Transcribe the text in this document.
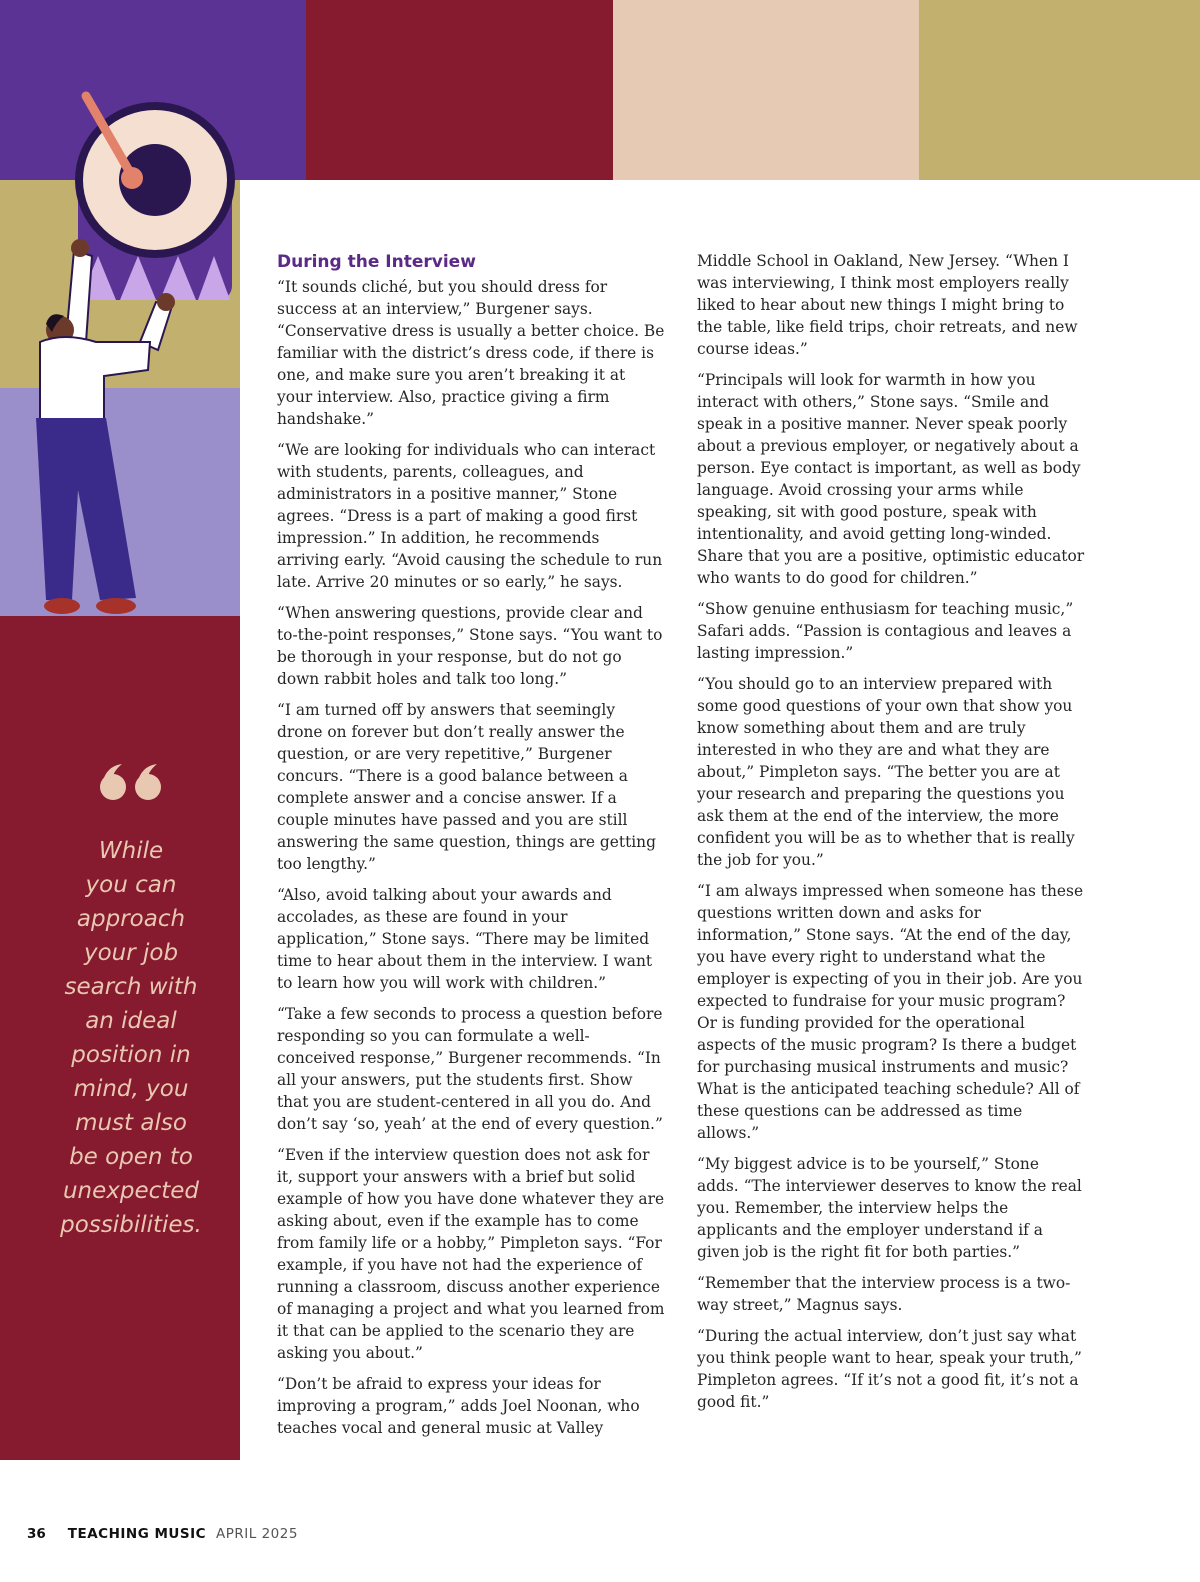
While
you can
approach
your job
search with
an ideal
position in
mind, you
must also
be open to
unexpected
possibilities.
During the Interview

“It sounds cliché, but you should dress for success at an interview,” Burgener says. “Conservative dress is usually a better choice. Be familiar with the district’s dress code, if there is one, and make sure you aren’t breaking it at your interview. Also, practice giving a firm handshake.”

“We are looking for individuals who can interact with students, parents, colleagues, and administrators in a positive manner,” Stone agrees. “Dress is a part of making a good first impression.” In addition, he recommends arriving early. “Avoid causing the schedule to run late. Arrive 20 minutes or so early,” he says.

“When answering questions, provide clear and to-the-point responses,” Stone says. “You want to be thorough in your response, but do not go down rabbit holes and talk too long.”

“I am turned off by answers that seemingly drone on forever but don’t really answer the question, or are very repetitive,” Burgener concurs. “There is a good balance between a complete answer and a concise answer. If a couple minutes have passed and you are still answering the same question, things are getting too lengthy.”

“Also, avoid talking about your awards and accolades, as these are found in your application,” Stone says. “There may be limited time to hear about them in the interview. I want to learn how you will work with children.”

“Take a few seconds to process a question before responding so you can formulate a well-conceived response,” Burgener recommends. “In all your answers, put the students first. Show that you are student-centered in all you do. And don’t say ‘so, yeah’ at the end of every question.”

“Even if the interview question does not ask for it, support your answers with a brief but solid example of how you have done whatever they are asking about, even if the example has to come from family life or a hobby,” Pimpleton says. “For example, if you have not had the experience of running a classroom, discuss another experience of managing a project and what you learned from it that can be applied to the scenario they are asking you about.”

“Don’t be afraid to express your ideas for improving a program,” adds Joel Noonan, who teaches vocal and general music at Valley

Middle School in Oakland, New Jersey. “When I was interviewing, I think most employers really liked to hear about new things I might bring to the table, like field trips, choir retreats, and new course ideas.”

“Principals will look for warmth in how you interact with others,” Stone says. “Smile and speak in a positive manner. Never speak poorly about a previous employer, or negatively about a person. Eye contact is important, as well as body language. Avoid crossing your arms while speaking, sit with good posture, speak with intentionality, and avoid getting long-winded. Share that you are a positive, optimistic educator who wants to do good for children.”

“Show genuine enthusiasm for teaching music,” Safari adds. “Passion is contagious and leaves a lasting impression.”

“You should go to an interview prepared with some good questions of your own that show you know something about them and are truly interested in who they are and what they are about,” Pimpleton says. “The better you are at your research and preparing the questions you ask them at the end of the interview, the more confident you will be as to whether that is really the job for you.”

“I am always impressed when someone has these questions written down and asks for information,” Stone says. “At the end of the day, you have every right to understand what the employer is expecting of you in their job. Are you expected to fundraise for your music program? Or is funding provided for the operational aspects of the music program? Is there a budget for purchasing musical instruments and music? What is the anticipated teaching schedule? All of these questions can be addressed as time allows.”

“My biggest advice is to be yourself,” Stone adds. “The interviewer deserves to know the real you. Remember, the interview helps the applicants and the employer understand if a given job is the right fit for both parties.”

“Remember that the interview process is a two-way street,” Magnus says.

“During the actual interview, don’t just say what you think people want to hear, speak your truth,” Pimpleton agrees. “If it’s not a good fit, it’s not a good fit.”

36 TEACHING MUSIC APRIL 2025
